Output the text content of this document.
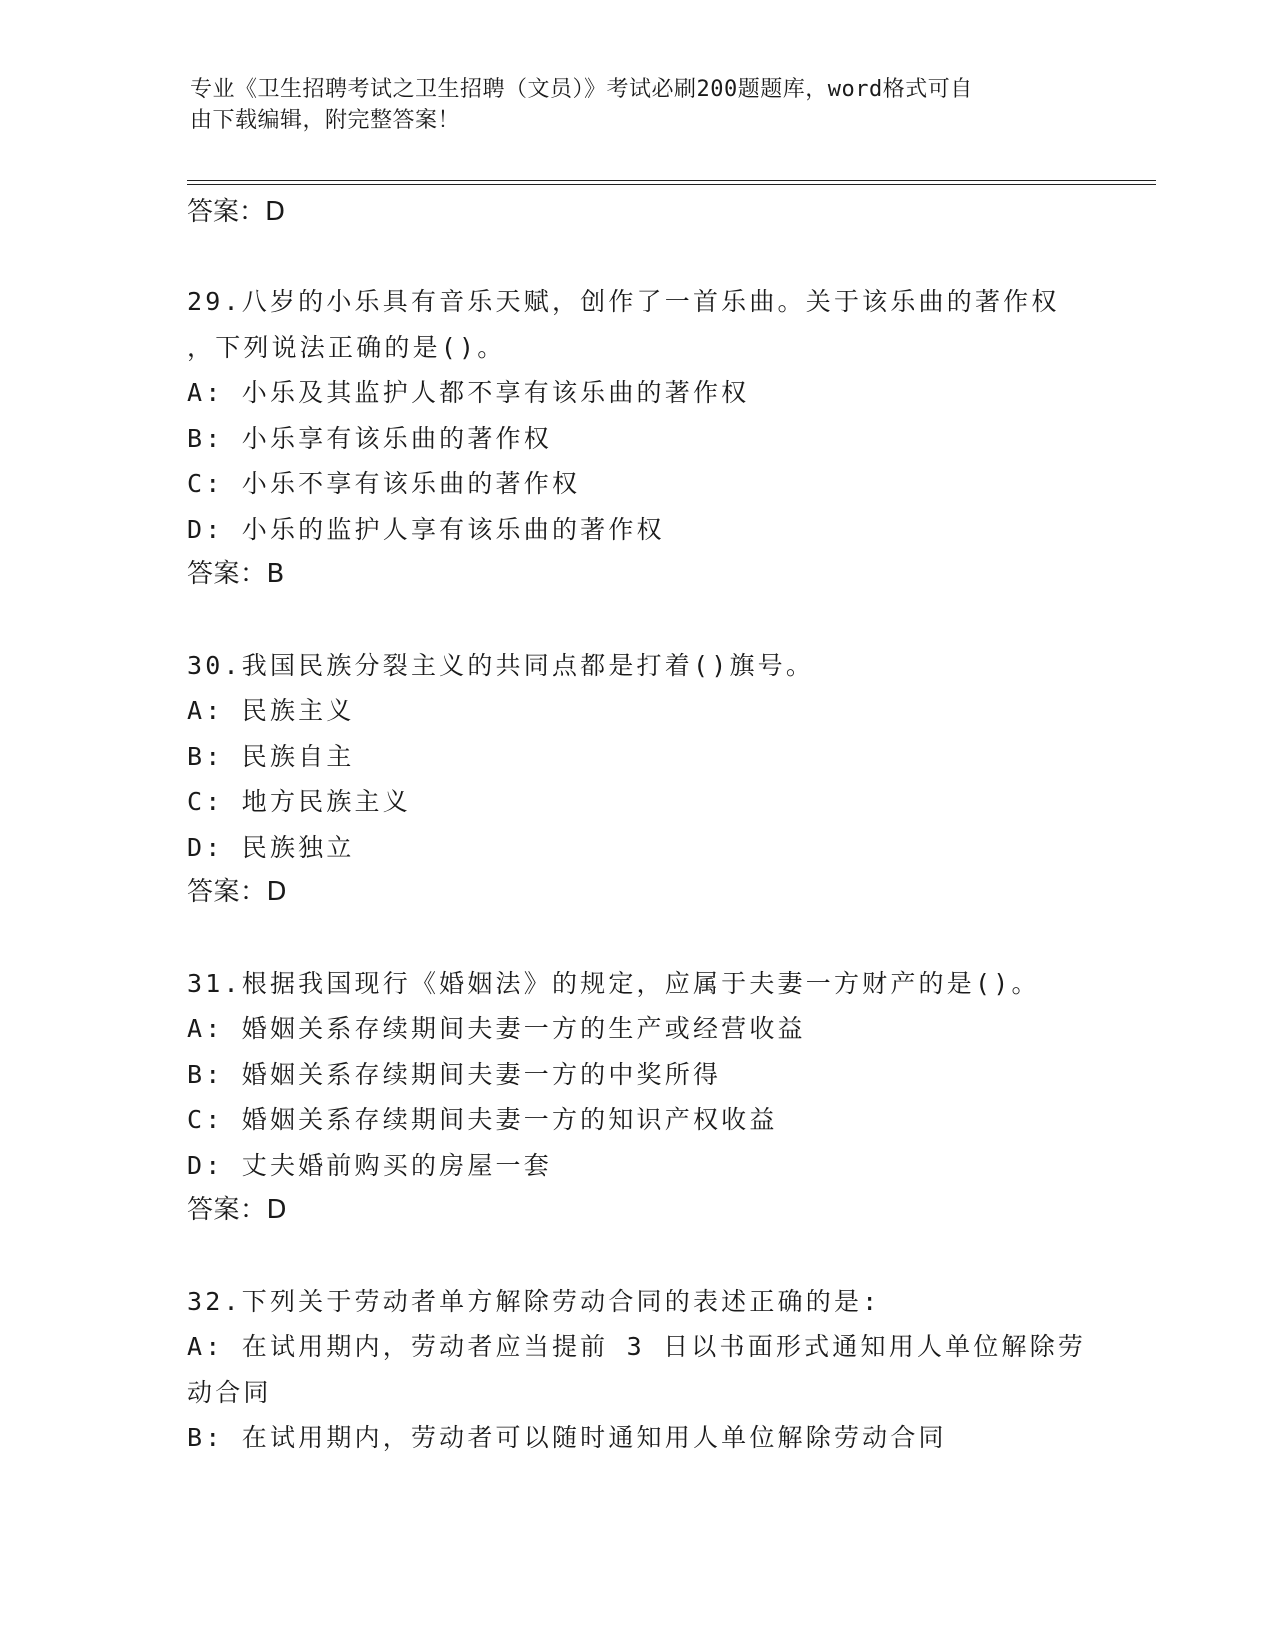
专业《卫生招聘考试之卫生招聘（文员）》考试必刷200题题库，word格式可自
由下载编辑，附完整答案！
答案：D
29.八岁的小乐具有音乐天赋，创作了一首乐曲。关于该乐曲的著作权
，下列说法正确的是()。
A: 小乐及其监护人都不享有该乐曲的著作权
B: 小乐享有该乐曲的著作权
C: 小乐不享有该乐曲的著作权
D: 小乐的监护人享有该乐曲的著作权
答案：B
30.我国民族分裂主义的共同点都是打着()旗号。
A: 民族主义
B: 民族自主
C: 地方民族主义
D: 民族独立
答案：D
31.根据我国现行《婚姻法》的规定，应属于夫妻一方财产的是()。
A: 婚姻关系存续期间夫妻一方的生产或经营收益
B: 婚姻关系存续期间夫妻一方的中奖所得
C: 婚姻关系存续期间夫妻一方的知识产权收益
D: 丈夫婚前购买的房屋一套
答案：D
32.下列关于劳动者单方解除劳动合同的表述正确的是:
A: 在试用期内，劳动者应当提前 3 日以书面形式通知用人单位解除劳
动合同
B: 在试用期内，劳动者可以随时通知用人单位解除劳动合同
